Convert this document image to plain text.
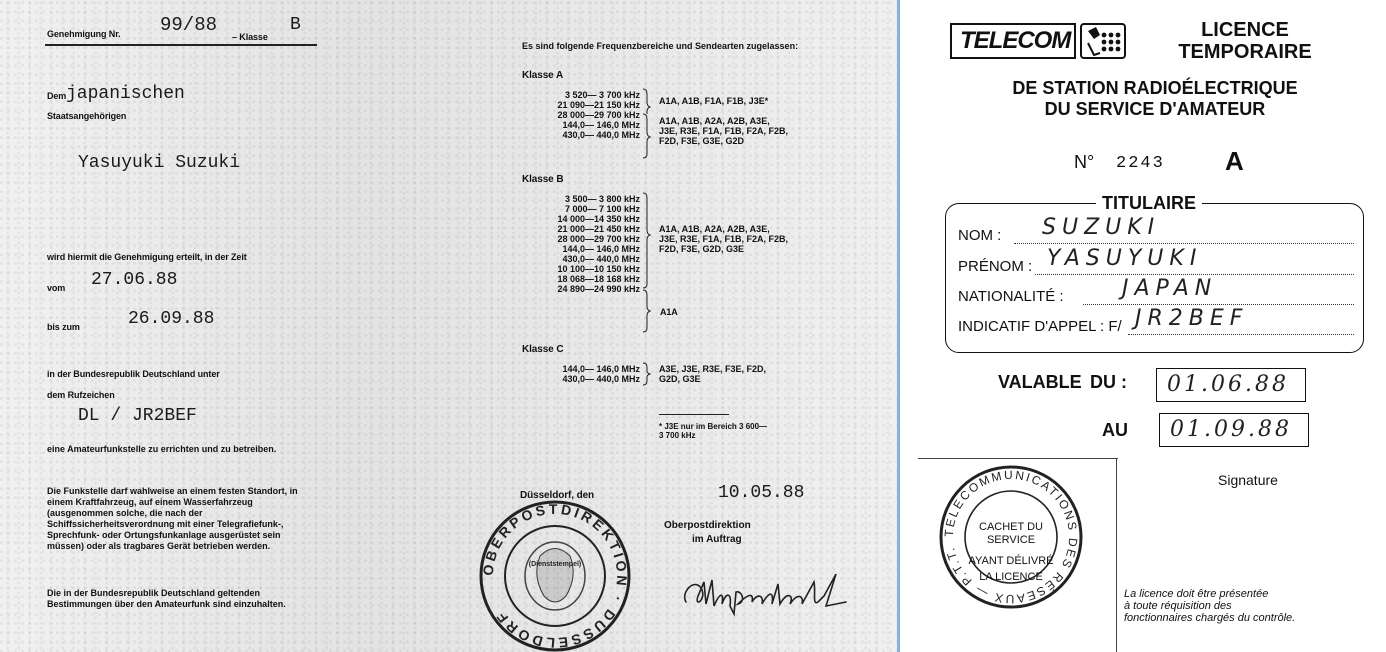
Genehmigung Nr. 99/88
– Klasse
B
Dem japanischen
Staatsangehörigen
Yasuyuki Suzuki
wird hiermit die Genehmigung erteilt, in der Zeit
vom 27.06.88
bis zum	26.09.88
in der Bundesrepublik Deutschland unter
dem Rufzeichen
DL / JR2BEF
eine Amateurfunkstelle zu errichten und zu betreiben.
Die Funkstelle darf wahlweise an einem festen Standort, in einem Kraftfahrzeug, auf einem Wasserfahrzeug (ausgenommen solche, die nach der Schiffssicherheitsverordnung mit einer Telegrafiefunk-, Sprechfunk- oder Ortungsfunkanlage ausgerüstet sein müssen) oder als tragbares Gerät betrieben werden.
Die in der Bundesrepublik Deutschland geltenden Bestimmungen über den Amateurfunk sind einzuhalten.
Es sind folgende Frequenzbereiche und Sendearten zugelassen:
Klasse A
3 520— 3 700 kHz
21 090—21 150 kHz
28 000—29 700 kHz
144,0— 146,0 MHz
430,0— 440,0 MHz
A1A, A1B, F1A, F1B, J3E*
A1A, A1B, A2A, A2B, A3E,
J3E, R3E, F1A, F1B, F2A, F2B,
F2D, F3E, G3E, G2D
Klasse B
3 500— 3 800 kHz
7 000— 7 100 kHz
14 000—14 350 kHz
21 000—21 450 kHz
28 000—29 700 kHz
144,0— 146,0 MHz
430,0— 440,0 MHz
10 100—10 150 kHz
18 068—18 168 kHz
24 890—24 990 kHz
A1A, A1B, A2A, A2B, A3E,
J3E, R3E, F1A, F1B, F2A, F2B,
F2D, F3E, G2D, G3E
A1A
Klasse C
144,0— 146,0 MHz
430,0— 440,0 MHz
A3E, J3E, R3E, F3E, F2D,
G2D, G3E
* J3E nur im Bereich 3 600—3 700 kHz
Düsseldorf, den	10.05.88
Oberpostdirektion
im Auftrag
OBERPOSTDIREKTION · DÜSSELDORF
(Dienststempel)
TELECOM	LICENCE
TEMPORAIRE
DE STATION RADIOÉLECTRIQUE
DU SERVICE D'AMATEUR
N° 2243 A
TITULAIRE
NOM : SUZUKI
PRÉNOM : YASUYUKI
NATIONALITÉ :	JAPAN
INDICATIF D'APPEL : F/ JR2BEF
VALABLE DU : 01.06.88
AU 01.09.88
Signature
TELECOMMUNICATIONS DES RÉSEAUX — P.T.T.
CACHET DU
SERVICE
AYANT DÉLIVRÉ
LA LICENCE
La licence doit être présentée
à toute réquisition des
fonctionnaires chargés du contrôle.
